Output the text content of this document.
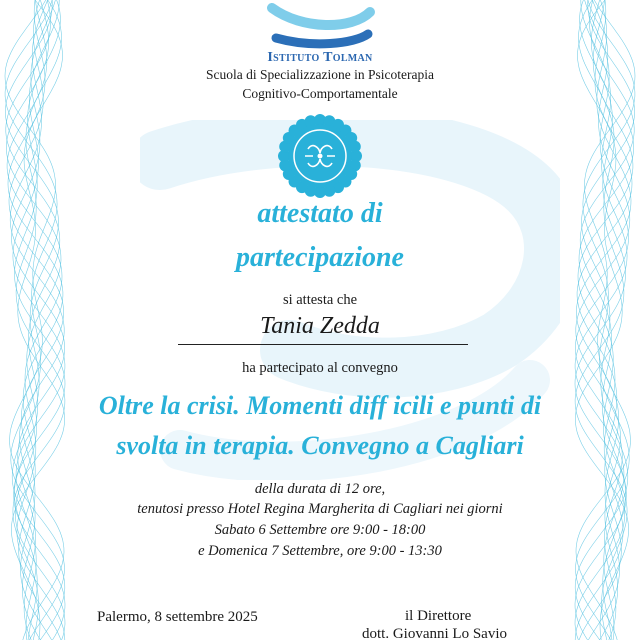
Istituto Tolman
Scuola di Specializzazione in Psicoterapia
Cognitivo-Comportamentale
attestato di
partecipazione
si attesta che
Tania Zedda
ha partecipato al convegno
Oltre la crisi. Momenti diff icili e punti di
svolta in terapia. Convegno a Cagliari
della durata di 12 ore,
tenutosi presso Hotel Regina Margherita di Cagliari nei giorni
Sabato 6 Settembre ore 9:00 - 18:00
e Domenica 7 Settembre, ore 9:00 - 13:30
Palermo, 8 settembre 2025	il Direttore
dott. Giovanni Lo Savio
